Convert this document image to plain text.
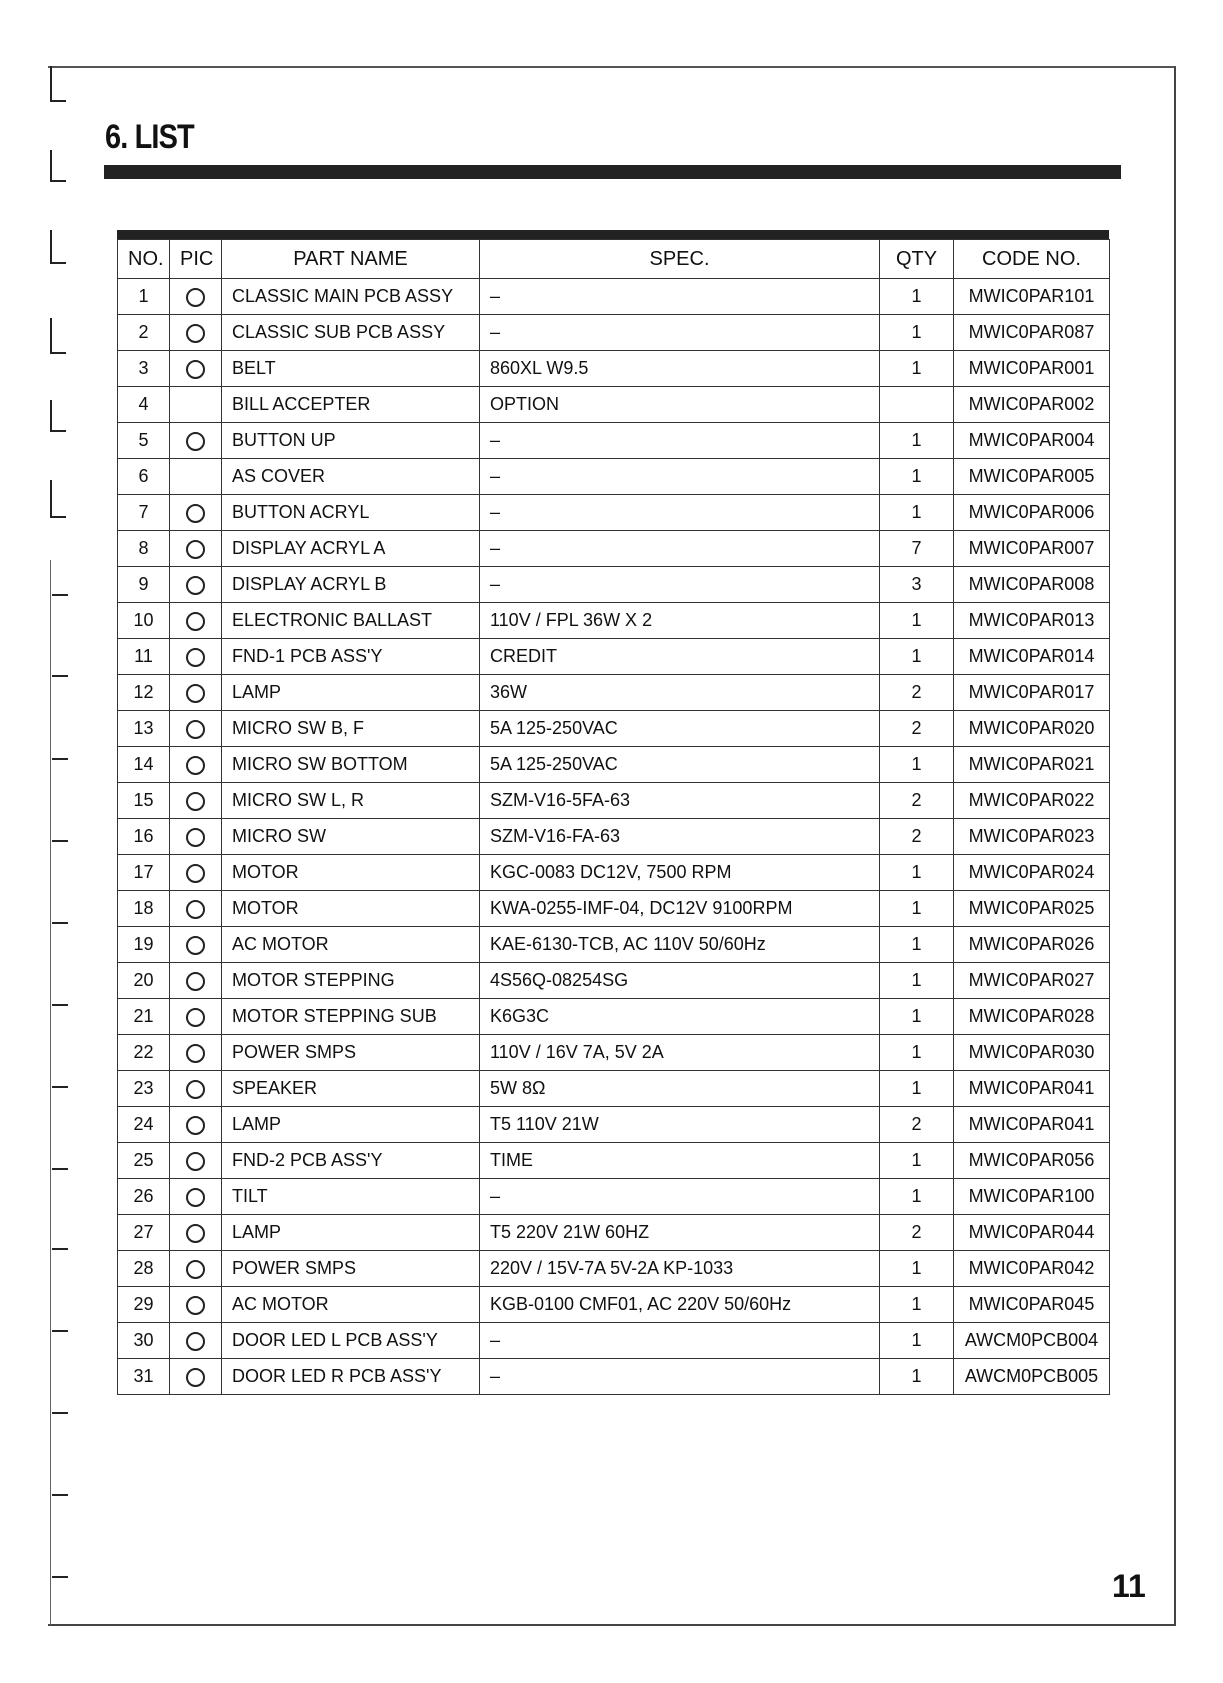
6. LIST
NO.	PIC	PART NAME	SPEC.	QTY	CODE NO.
1		CLASSIC MAIN PCB ASSY	–	1	MWIC0PAR101
2		CLASSIC SUB PCB ASSY	–	1	MWIC0PAR087
3		BELT	860XL W9.5	1	MWIC0PAR001
4		BILL ACCEPTER	OPTION		MWIC0PAR002
5		BUTTON UP	–	1	MWIC0PAR004
6		AS COVER	–	1	MWIC0PAR005
7		BUTTON ACRYL	–	1	MWIC0PAR006
8		DISPLAY ACRYL A	–	7	MWIC0PAR007
9		DISPLAY ACRYL B	–	3	MWIC0PAR008
10		ELECTRONIC BALLAST	110V / FPL 36W X 2	1	MWIC0PAR013
11		FND-1 PCB ASS'Y	CREDIT	1	MWIC0PAR014
12		LAMP	36W	2	MWIC0PAR017
13		MICRO SW B, F	5A 125-250VAC	2	MWIC0PAR020
14		MICRO SW BOTTOM	5A 125-250VAC	1	MWIC0PAR021
15		MICRO SW L, R	SZM-V16-5FA-63	2	MWIC0PAR022
16		MICRO SW	SZM-V16-FA-63	2	MWIC0PAR023
17		MOTOR	KGC-0083 DC12V, 7500 RPM	1	MWIC0PAR024
18		MOTOR	KWA-0255-IMF-04, DC12V 9100RPM	1	MWIC0PAR025
19		AC MOTOR	KAE-6130-TCB, AC 110V 50/60Hz	1	MWIC0PAR026
20		MOTOR STEPPING	4S56Q-08254SG	1	MWIC0PAR027
21		MOTOR STEPPING SUB	K6G3C	1	MWIC0PAR028
22		POWER SMPS	110V / 16V 7A, 5V 2A	1	MWIC0PAR030
23		SPEAKER	5W 8Ω	1	MWIC0PAR041
24		LAMP	T5 110V 21W	2	MWIC0PAR041
25		FND-2 PCB ASS'Y	TIME	1	MWIC0PAR056
26		TILT	–	1	MWIC0PAR100
27		LAMP	T5 220V 21W 60HZ	2	MWIC0PAR044
28		POWER SMPS	220V / 15V-7A 5V-2A KP-1033	1	MWIC0PAR042
29		AC MOTOR	KGB-0100 CMF01, AC 220V 50/60Hz	1	MWIC0PAR045
30		DOOR LED L PCB ASS'Y	–	1	AWCM0PCB004
31		DOOR LED R PCB ASS'Y	–	1	AWCM0PCB005
11
